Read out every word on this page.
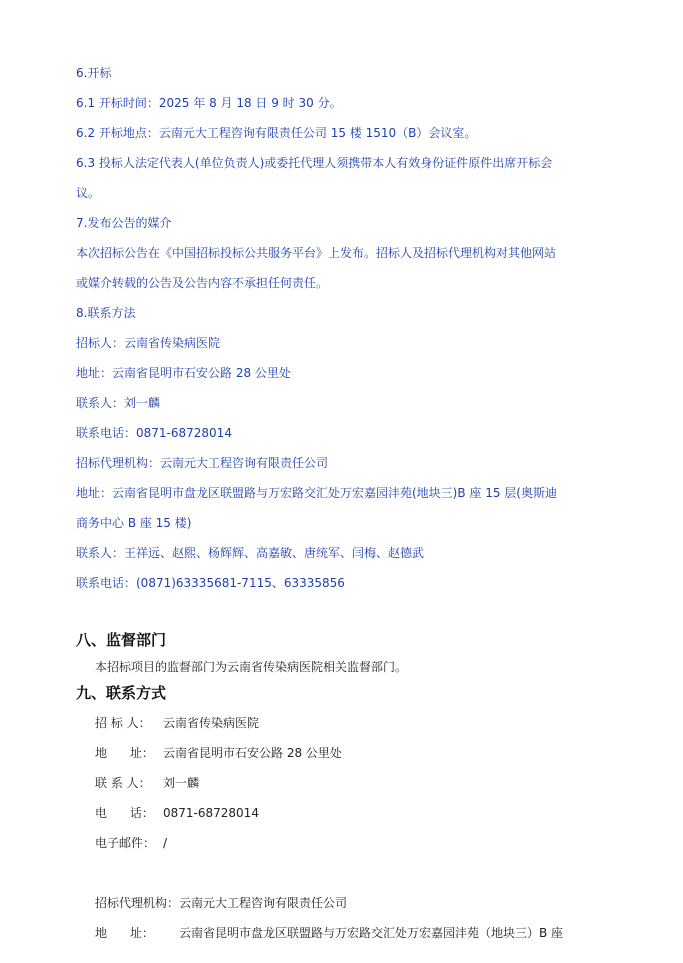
6.开标
6.1 开标时间：2025 年 8 月 18 日 9 时 30 分。
6.2 开标地点：云南元大工程咨询有限责任公司 15 楼 1510（B）会议室。
6.3 投标人法定代表人(单位负责人)或委托代理人须携带本人有效身份证件原件出席开标会
议。
7.发布公告的媒介
本次招标公告在《中国招标投标公共服务平台》上发布。招标人及招标代理机构对其他网站
或媒介转载的公告及公告内容不承担任何责任。
8.联系方法
招标人：云南省传染病医院
地址：云南省昆明市石安公路 28 公里处
联系人：刘一麟
联系电话：0871-68728014
招标代理机构：云南元大工程咨询有限责任公司
地址：云南省昆明市盘龙区联盟路与万宏路交汇处万宏嘉园沣苑(地块三)B 座 15 层(奥斯迪
商务中心 B 座 15 楼)
联系人：王祥远、赵熙、杨辉辉、高嘉敏、唐统军、闫梅、赵德武
联系电话：(0871)63335681-7115、63335856
八、监督部门
本招标项目的监督部门为云南省传染病医院相关监督部门。
九、联系方式
招 标 人：	云南省传染病医院
地      址： 云南省昆明市石安公路 28 公里处
联 系 人：	刘一麟
电      话： 0871-68728014
电子邮件： /
招标代理机构： 云南元大工程咨询有限责任公司
地      址：	云南省昆明市盘龙区联盟路与万宏路交汇处万宏嘉园沣苑（地块三）B 座
